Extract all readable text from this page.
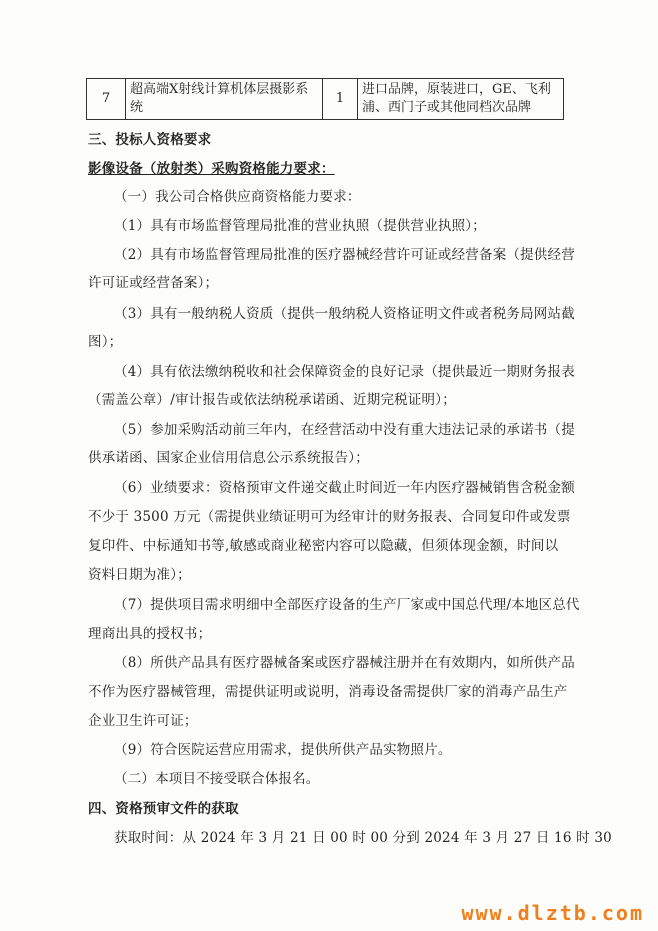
7	超高端X射线计算机体层摄影系统	1	进口品牌，原装进口，GE、飞利浦、西门子或其他同档次品牌
三、投标人资格要求
影像设备（放射类）采购资格能力要求：
（一）我公司合格供应商资格能力要求：
（1）具有市场监督管理局批准的营业执照（提供营业执照）；
（2）具有市场监督管理局批准的医疗器械经营许可证或经营备案（提供经营
许可证或经营备案）；
（3）具有一般纳税人资质（提供一般纳税人资格证明文件或者税务局网站截
图）；
（4）具有依法缴纳税收和社会保障资金的良好记录（提供最近一期财务报表
（需盖公章）/审计报告或依法纳税承诺函、近期完税证明）；
（5）参加采购活动前三年内，在经营活动中没有重大违法记录的承诺书（提
供承诺函、国家企业信用信息公示系统报告）；
（6）业绩要求：资格预审文件递交截止时间近一年内医疗器械销售含税金额
不少于 3500 万元（需提供业绩证明可为经审计的财务报表、合同复印件或发票
复印件、中标通知书等,敏感或商业秘密内容可以隐藏，但须体现金额，时间以
资料日期为准）；
（7）提供项目需求明细中全部医疗设备的生产厂家或中国总代理/本地区总代
理商出具的授权书；
（8）所供产品具有医疗器械备案或医疗器械注册并在有效期内，如所供产品
不作为医疗器械管理，需提供证明或说明，消毒设备需提供厂家的消毒产品生产
企业卫生许可证；
（9）符合医院运营应用需求，提供所供产品实物照片。
（二）本项目不接受联合体报名。
四、资格预审文件的获取
获取时间：从 2024 年 3 月 21 日 00 时 00 分到 2024 年 3 月 27 日 16 时 30
www.dlztb.com
